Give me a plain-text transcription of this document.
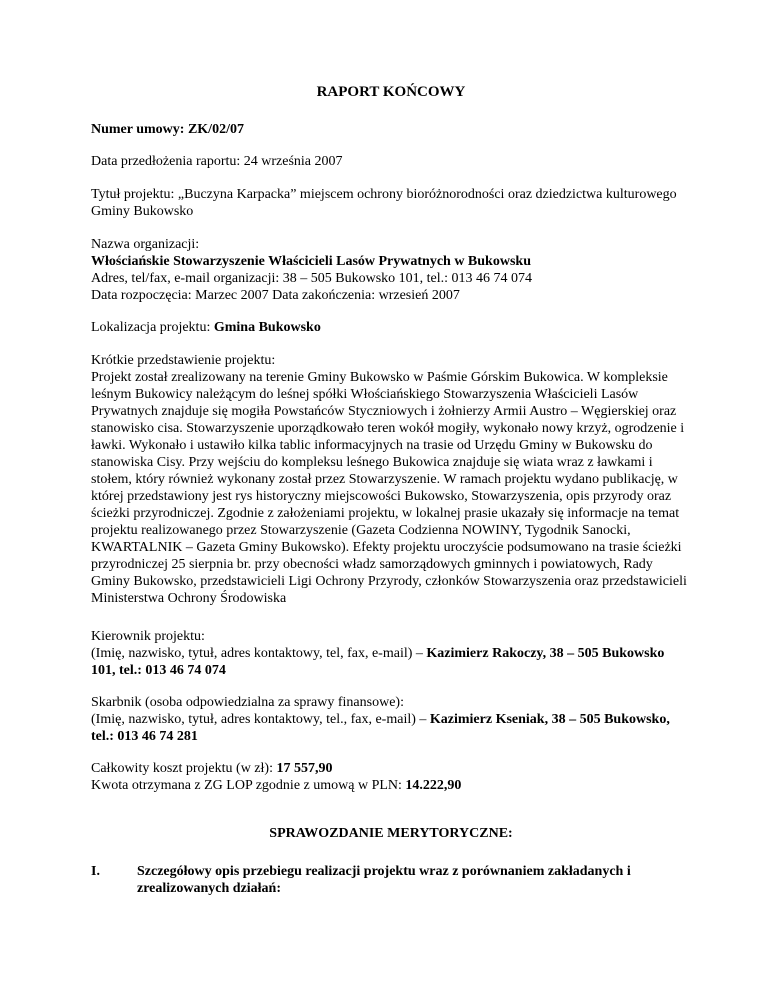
RAPORT KOŃCOWY

Numer umowy: ZK/02/07

Data przedłożenia raportu: 24 września 2007

Tytuł projektu: „Buczyna Karpacka” miejscem ochrony bioróżnorodności oraz dziedzictwa kulturowego Gminy Bukowsko

Nazwa organizacji:

Włościańskie Stowarzyszenie Właścicieli Lasów Prywatnych w Bukowsku

Adres, tel/fax, e-mail organizacji: 38 – 505 Bukowsko 101, tel.: 013 46 74 074

Data rozpoczęcia: Marzec 2007 Data zakończenia: wrzesień 2007

Lokalizacja projektu: Gmina Bukowsko

Krótkie przedstawienie projektu:

Projekt został zrealizowany na terenie Gminy Bukowsko w Paśmie Górskim Bukowica. W kompleksie leśnym Bukowicy należącym do leśnej spółki Włościańskiego Stowarzyszenia Właścicieli Lasów Prywatnych znajduje się mogiła Powstańców Styczniowych i żołnierzy Armii Austro – Węgierskiej oraz stanowisko cisa. Stowarzyszenie uporządkowało teren wokół mogiły, wykonało nowy krzyż, ogrodzenie i ławki. Wykonało i ustawiło kilka tablic informacyjnych na trasie od Urzędu Gminy w Bukowsku do stanowiska Cisy. Przy wejściu do kompleksu leśnego Bukowica znajduje się wiata wraz z ławkami i stołem, który również wykonany został przez Stowarzyszenie. W ramach projektu wydano publikację, w której przedstawiony jest rys historyczny miejscowości Bukowsko, Stowarzyszenia, opis przyrody oraz ścieżki przyrodniczej. Zgodnie z założeniami projektu, w lokalnej prasie ukazały się informacje na temat projektu realizowanego przez Stowarzyszenie (Gazeta Codzienna NOWINY, Tygodnik Sanocki, KWARTALNIK – Gazeta Gminy Bukowsko). Efekty projektu uroczyście podsumowano na trasie ścieżki przyrodniczej 25 sierpnia br. przy obecności władz samorządowych gminnych i powiatowych, Rady Gminy Bukowsko, przedstawicieli Ligi Ochrony Przyrody, członków Stowarzyszenia oraz przedstawicieli Ministerstwa Ochrony Środowiska

Kierownik projektu:

(Imię, nazwisko, tytuł, adres kontaktowy, tel, fax, e-mail) – Kazimierz Rakoczy, 38 – 505 Bukowsko 101, tel.: 013 46 74 074

Skarbnik (osoba odpowiedzialna za sprawy finansowe):

(Imię, nazwisko, tytuł, adres kontaktowy, tel., fax, e-mail) – Kazimierz Kseniak, 38 – 505 Bukowsko, tel.: 013 46 74 281

Całkowity koszt projektu (w zł): 17 557,90

Kwota otrzymana z ZG LOP zgodnie z umową w PLN: 14.222,90

SPRAWOZDANIE MERYTORYCZNE:
I.	Szczegółowy opis przebiegu realizacji projektu wraz z porównaniem zakładanych i zrealizowanych działań:
